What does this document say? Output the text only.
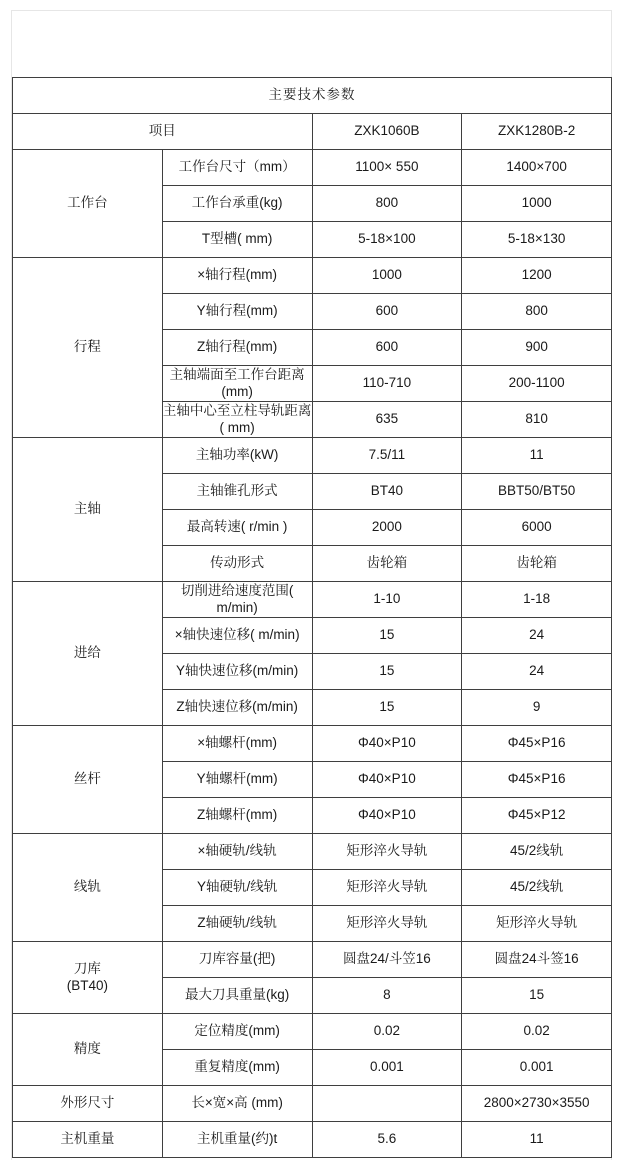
主要技术参数			
项目		ZXK1060B	ZXK1280B-2
工作台	工作台尺寸（mm）	1100× 550	1400×700
	工作台承重(kg)	800	1000
	T型槽( mm)	5-18×100	5-18×130
行程	×轴行程(mm)	1000	1200
	Y轴行程(mm)	600	800
	Z轴行程(mm)	600	900
	主轴端面至工作台距离(mm)	110-710	200-1100
	主轴中心至立柱导轨距离( mm)	635	810
主轴	主轴功率(kW)	7.5/11	11
	主轴锥孔形式	BT40	BBT50/BT50
	最高转速( r/min )	2000	6000
	传动形式	齿轮箱	齿轮箱
进给	切削进给速度范围( m/min)	1-10	1-18
	×轴快速位移( m/min)	15	24
	Y轴快速位移(m/min)	15	24
	Z轴快速位移(m/min)	15	9
丝杆	×轴螺杆(mm)	Φ40×P10	Φ45×P16
	Y轴螺杆(mm)	Φ40×P10	Φ45×P16
	Z轴螺杆(mm)	Φ40×P10	Φ45×P12
线轨	×轴硬轨/线轨	矩形淬火导轨	45/2线轨
	Y轴硬轨/线轨	矩形淬火导轨	45/2线轨
	Z轴硬轨/线轨	矩形淬火导轨	矩形淬火导轨
刀库
(BT40)	刀库容量(把)	圆盘24/斗笠16	圆盘24斗签16
	最大刀具重量(kg)	8	15
精度	定位精度(mm)	0.02	0.02
	重复精度(mm)	0.001	0.001
外形尺寸	长×宽×高 (mm)		2800×2730×3550
主机重量	主机重量(约)t	5.6	11
